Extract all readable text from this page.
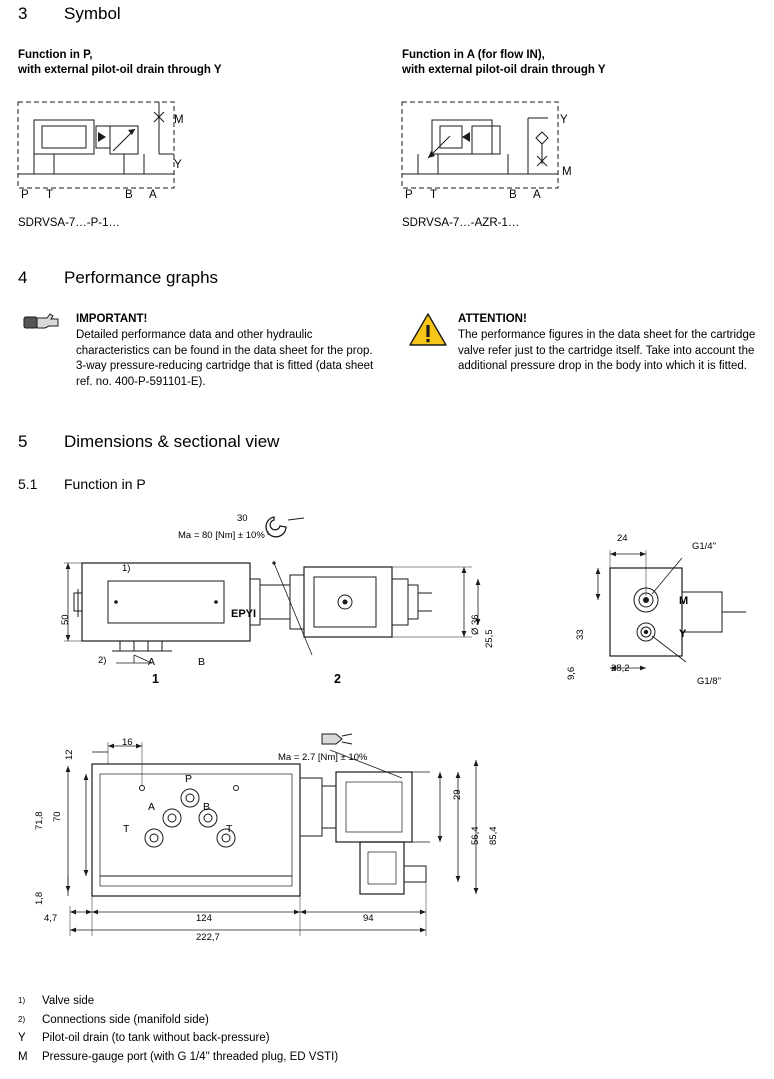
3	Symbol
Function in P,
with external pilot-oil drain through Y
Function in A (for flow IN),
with external pilot-oil drain through Y
M
Y
P T	B A
SDRVSA-7…-P-1…
Y
M
P T	B A
SDRVSA-7…-AZR-1…
4	Performance graphs
IMPORTANT!
Detailed performance data and other hydraulic characteristics can be found in the data sheet for the prop. 3-way pressure-reducing cartridge that is fitted (data sheet ref. no. 400-P-591101-E).
ATTENTION!
The performance figures in the data sheet for the cartridge valve refer just to the cartridge itself. Take into account the additional pressure drop in the body into which it is fitted.
5	Dimensions & sectional view
5.1	Function in P
30
Ma = 80 [Nm] ± 10%
1)
2)
50	Ø 36
25,5
A	B
1	2
EPYI
24
33
9,6	28,2
M
Y
G1/4"
G1/8"
Ma = 2.7 [Nm] ± 10%
16
12
71,8 70
1,8
4,7	124	94
222,7
29
56,4 85,4
P
A	B
T	T
1)	Valve side
2)	Connections side (manifold side)
Y	Pilot-oil drain (to tank without back-pressure)
M	Pressure-gauge port (with G 1/4" threaded plug, ED VSTI)
